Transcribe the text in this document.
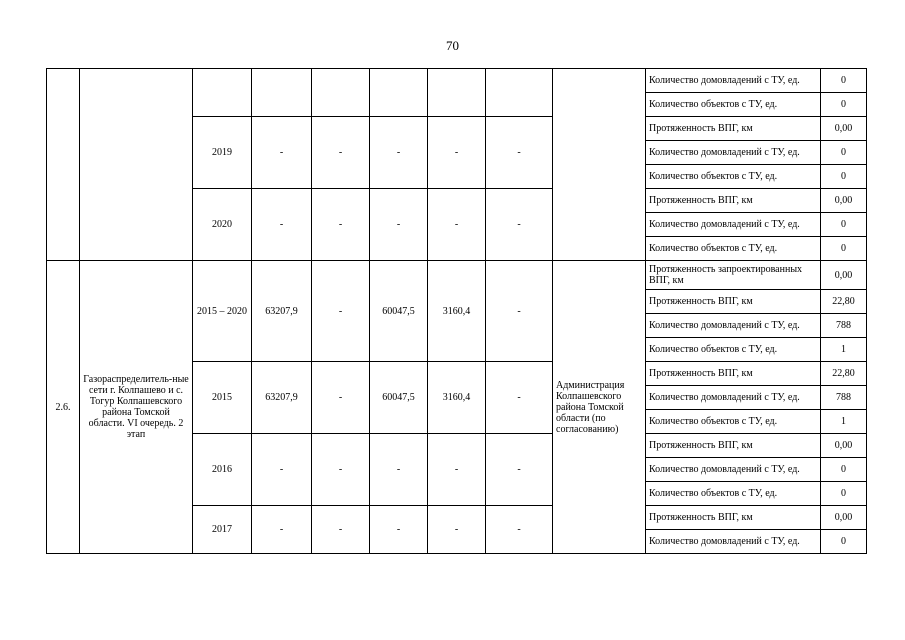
70
									Количество домовладений с ТУ, ед.	0
									Количество объектов с ТУ, ед.	0
		2019	-	-	-	-	-		Протяженность ВПГ, км	0,00
									Количество домовладений с ТУ, ед.	0
									Количество объектов с ТУ, ед.	0
		2020	-	-	-	-	-		Протяженность ВПГ, км	0,00
									Количество домовладений с ТУ, ед.	0
									Количество объектов с ТУ, ед.	0
2.6.	Газораспределитель-ные сети г. Колпашево и с. Тогур Колпашевского района Томской области. VI очередь. 2 этап	2015 – 2020	63207,9	-	60047,5	3160,4	-	Администрация Колпашевского района Томской области (по согласованию)	Протяженность запроектированных ВПГ, км	0,00
									Протяженность ВПГ, км	22,80
									Количество домовладений с ТУ, ед.	788
									Количество объектов с ТУ, ед.	1
		2015	63207,9	-	60047,5	3160,4	-		Протяженность ВПГ, км	22,80
									Количество домовладений с ТУ, ед.	788
									Количество объектов с ТУ, ед.	1
		2016	-	-	-	-	-		Протяженность ВПГ, км	0,00
									Количество домовладений с ТУ, ед.	0
									Количество объектов с ТУ, ед.	0
		2017	-	-	-	-	-		Протяженность ВПГ, км	0,00
									Количество домовладений с ТУ, ед.	0
